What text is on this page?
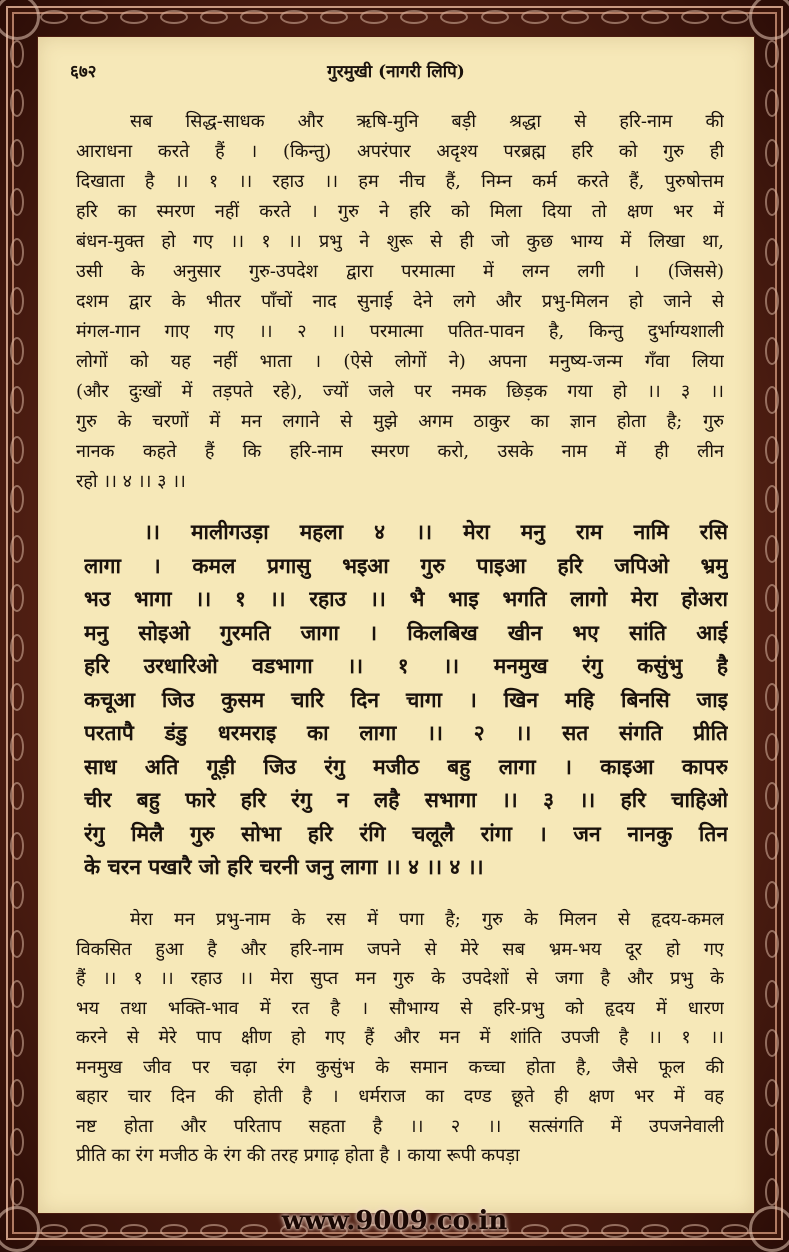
गुरमुखी (नागरी लिपि)
६७२
सब सिद्ध-साधक और ऋषि-मुनि बड़ी श्रद्धा से हरि-नाम की
आराधना करते हैं । (किन्तु) अपरंपार अदृश्य परब्रह्म हरि को गुरु ही
दिखाता है ।। १ ।। रहाउ ।। हम नीच हैं, निम्न कर्म करते हैं, पुरुषोत्तम
हरि का स्मरण नहीं करते । गुरु ने हरि को मिला दिया तो क्षण भर में
बंधन-मुक्त हो गए ।। १ ।। प्रभु ने शुरू से ही जो कुछ भाग्य में लिखा था,
उसी के अनुसार गुरु-उपदेश द्वारा परमात्मा में लग्न लगी । (जिससे)
दशम द्वार के भीतर पाँचों नाद सुनाई देने लगे और प्रभु-मिलन हो जाने से
मंगल-गान गाए गए ।। २ ।। परमात्मा पतित-पावन है, किन्तु दुर्भाग्यशाली
लोगों को यह नहीं भाता । (ऐसे लोगों ने) अपना मनुष्य-जन्म गँवा लिया
(और दुःखों में तड़पते रहे), ज्यों जले पर नमक छिड़क गया हो ।। ३ ।।
गुरु के चरणों में मन लगाने से मुझे अगम ठाकुर का ज्ञान होता है; गुरु
नानक कहते हैं कि हरि-नाम स्मरण करो, उसके नाम में ही लीन
रहो ।। ४ ।। ३ ।।
।। मालीगउड़ा महला ४ ।। मेरा मनु राम नामि रसि
लागा । कमल प्रगासु भइआ गुरु पाइआ हरि जपिओ भ्रमु
भउ भागा ।। १ ।। रहाउ ।। भै भाइ भगति लागो मेरा होअरा
मनु सोइओ गुरमति जागा । किलबिख खीन भए सांति आई
हरि उरधारिओ वडभागा ।। १ ।। मनमुख रंगु कसुंभु है
कचूआ जिउ कुसम चारि दिन चागा । खिन महि बिनसि जाइ
परतापै डंडु धरमराइ का लागा ।। २ ।। सत संगति प्रीति
साध अति गूड़ी जिउ रंगु मजीठ बहु लागा । काइआ कापरु
चीर बहु फारे हरि रंगु न लहै सभागा ।। ३ ।। हरि चाहिओ
रंगु मिलै गुरु सोभा हरि रंगि चलूलै रांगा । जन नानकु तिन
के चरन पखारै जो हरि चरनी जनु लागा ।। ४ ।। ४ ।।
मेरा मन प्रभु-नाम के रस में पगा है; गुरु के मिलन से हृदय-कमल
विकसित हुआ है और हरि-नाम जपने से मेरे सब भ्रम-भय दूर हो गए
हैं ।। १ ।। रहाउ ।। मेरा सुप्त मन गुरु के उपदेशों से जगा है और प्रभु के
भय तथा भक्ति-भाव में रत है । सौभाग्य से हरि-प्रभु को हृदय में धारण
करने से मेरे पाप क्षीण हो गए हैं और मन में शांति उपजी है ।। १ ।।
मनमुख जीव पर चढ़ा रंग कुसुंभ के समान कच्चा होता है, जैसे फूल की
बहार चार दिन की होती है । धर्मराज का दण्ड छूते ही क्षण भर में वह
नष्ट होता और परिताप सहता है ।। २ ।। सत्संगति में उपजनेवाली
प्रीति का रंग मजीठ के रंग की तरह प्रगाढ़ होता है । काया रूपी कपड़ा
www.9009.co.in
